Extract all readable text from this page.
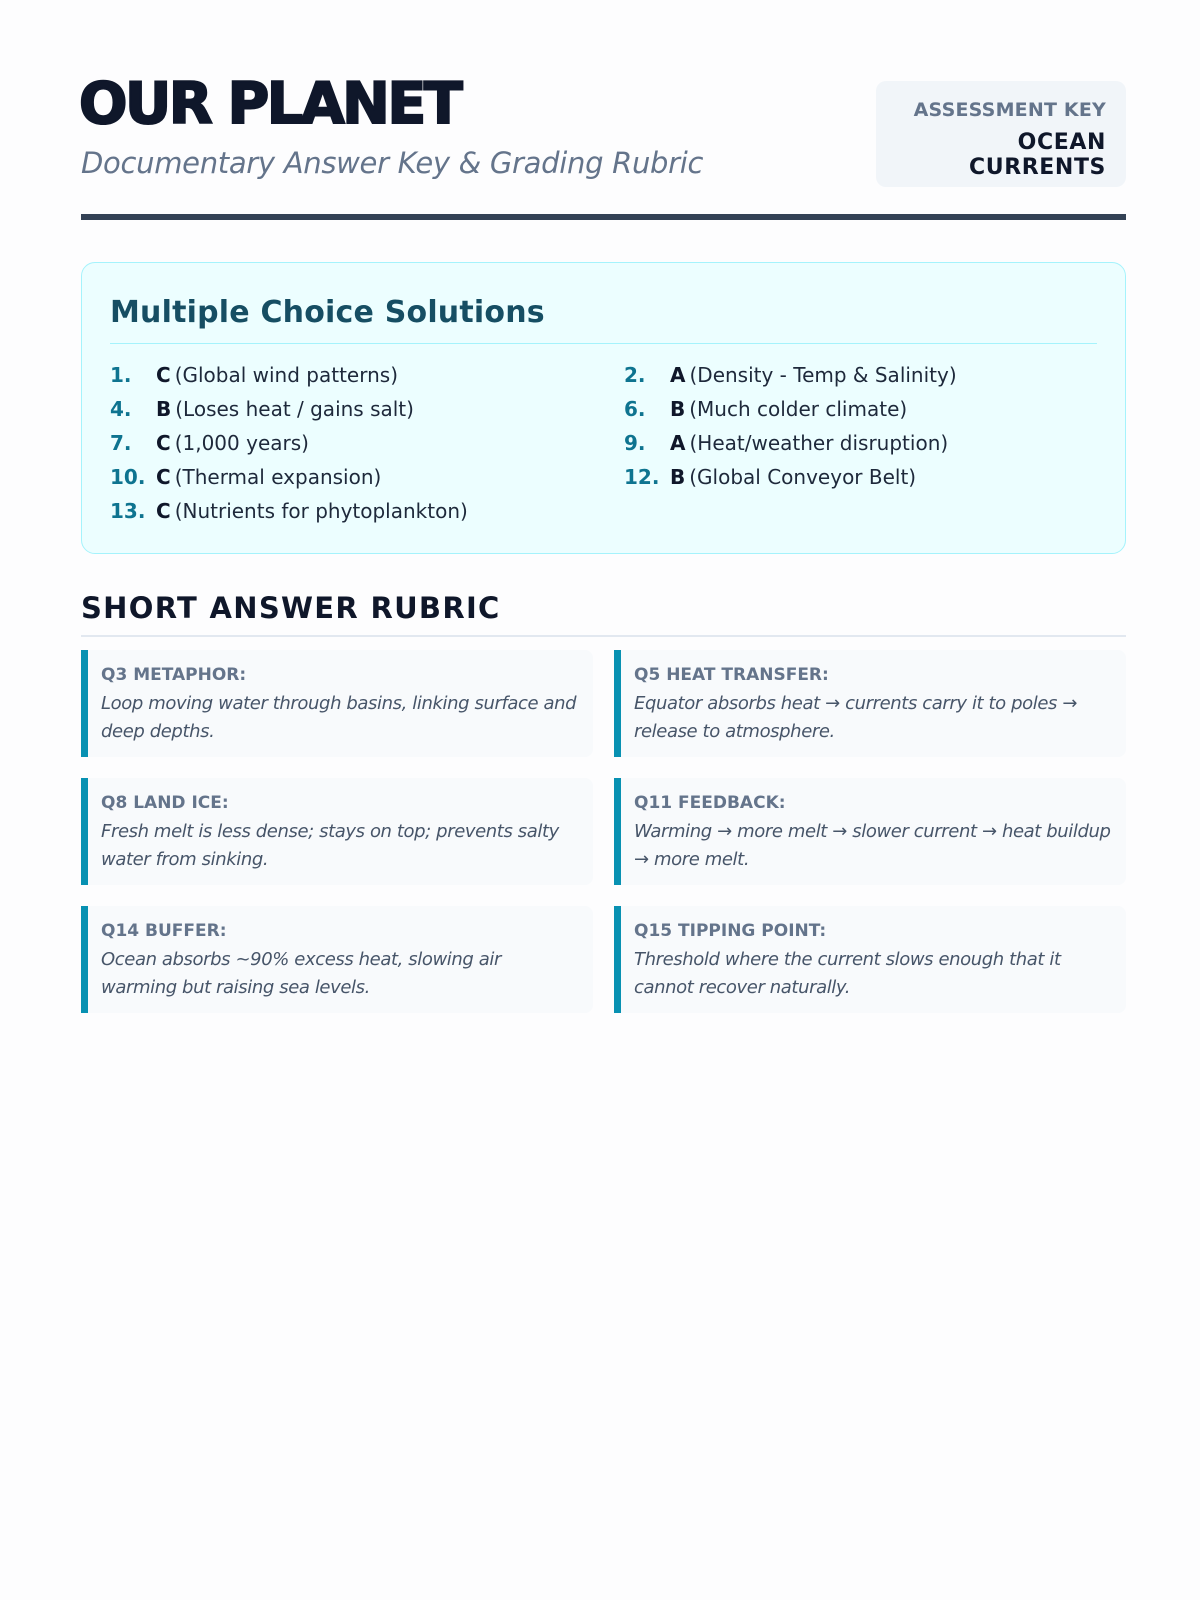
OUR PLANET
Documentary Answer Key & Grading Rubric
ASSESSMENT KEY
OCEAN CURRENTS
Multiple Choice Solutions
1.	C (Global wind patterns)	2.	A (Density - Temp & Salinity)
4.	B (Loses heat / gains salt)	6.	B (Much colder climate)
7.	C (1,000 years)	9.	A (Heat/weather disruption)
10. C (Thermal expansion)	12. B (Global Conveyor Belt)
13. C (Nutrients for phytoplankton)
SHORT ANSWER RUBRIC
Q3 METAPHOR:
Loop moving water through basins, linking surface and deep depths.
Q5 HEAT TRANSFER:
Equator absorbs heat → currents carry it to poles → release to atmosphere.
Q8 LAND ICE:
Fresh melt is less dense; stays on top; prevents salty water from sinking.
Q11 FEEDBACK:
Warming → more melt → slower current → heat buildup → more melt.
Q14 BUFFER:
Ocean absorbs ~90% excess heat, slowing air warming but raising sea levels.
Q15 TIPPING POINT:
Threshold where the current slows enough that it cannot recover naturally.
